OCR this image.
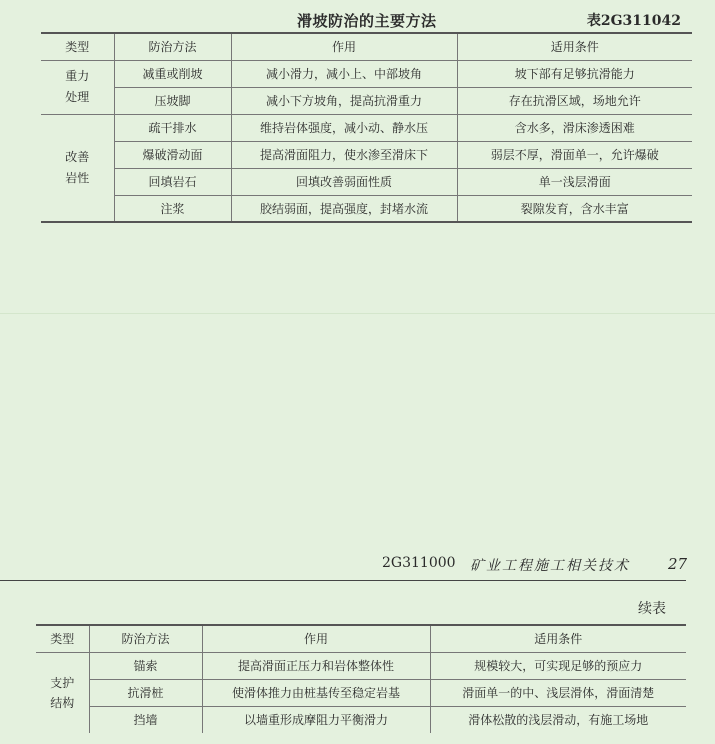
滑坡防治的主要方法	表2G311042
类型	防治方法	作用	适用条件
重力
处理	减重或削坡	减小滑力，减小上、中部坡角	坡下部有足够抗滑能力
	压坡脚	减小下方坡角，提高抗滑重力	存在抗滑区域，场地允许
改善
岩性	疏干排水	维持岩体强度，减小动、静水压	含水多，滑床渗透困难
	爆破滑动面	提高滑面阻力，使水渗至滑床下	弱层不厚，滑面单一，允许爆破
	回填岩石	回填改善弱面性质	单一浅层滑面
	注浆	胶结弱面，提高强度，封堵水流	裂隙发育，含水丰富
2G311000 矿业工程施工相关技术	27
续表
类型	防治方法	作用	适用条件
支护
结构	锚索	提高滑面正压力和岩体整体性	规模较大，可实现足够的预应力
	抗滑桩	使滑体推力由桩基传至稳定岩基	滑面单一的中、浅层滑体，滑面清楚
	挡墙	以墙重形成摩阻力平衡滑力	滑体松散的浅层滑动，有施工场地
